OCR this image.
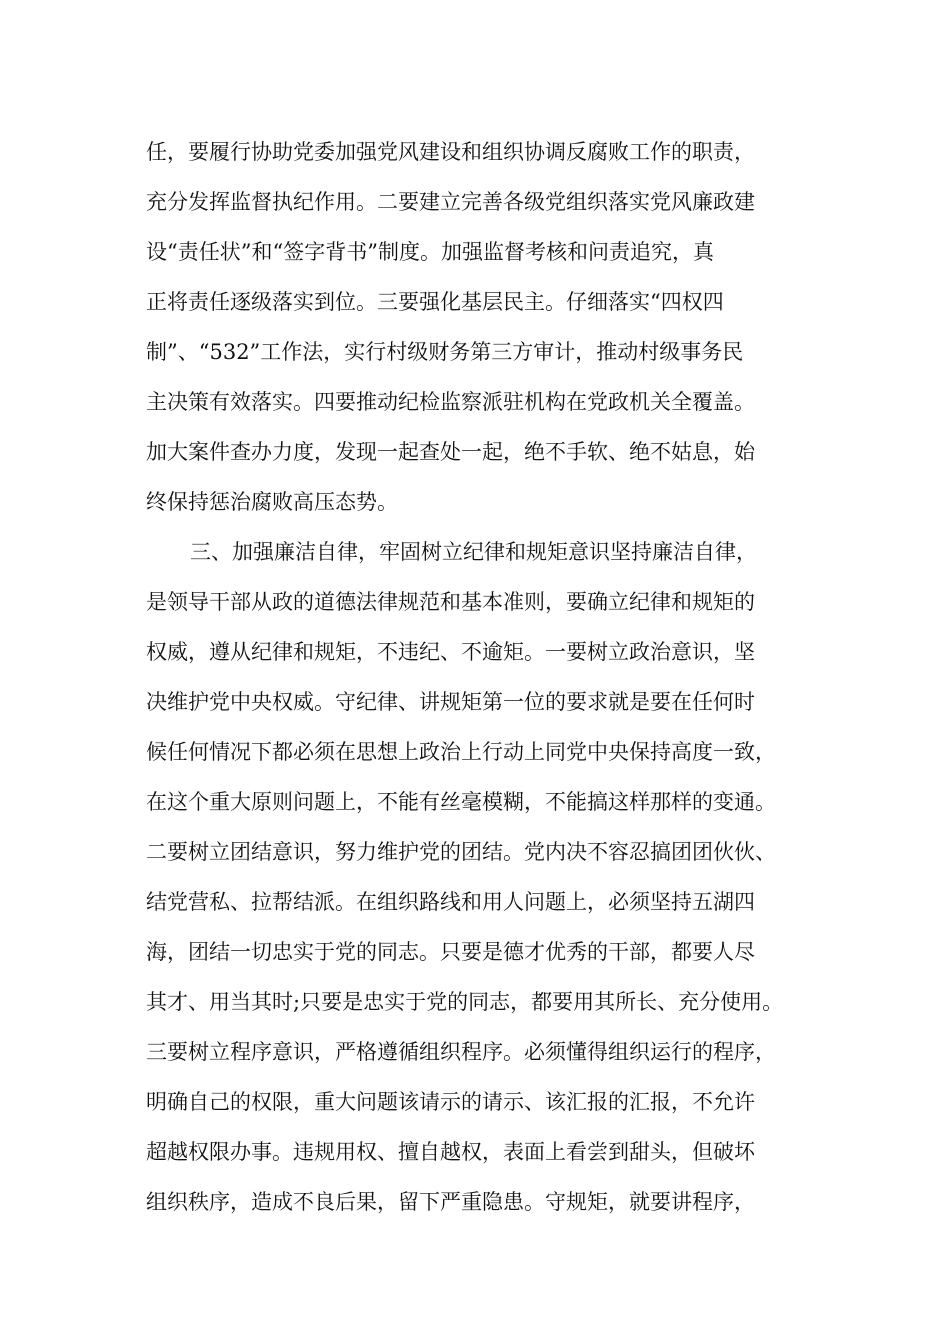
任，要履行协助党委加强党风建设和组织协调反腐败工作的职责，
充分发挥监督执纪作用。二要建立完善各级党组织落实党风廉政建
设“责任状”和“签字背书”制度。加强监督考核和问责追究，真
正将责任逐级落实到位。三要强化基层民主。仔细落实“四权四
制”、“532”工作法，实行村级财务第三方审计，推动村级事务民
主决策有效落实。四要推动纪检监察派驻机构在党政机关全覆盖。
加大案件查办力度，发现一起查处一起，绝不手软、绝不姑息，始
终保持惩治腐败高压态势。
三、加强廉洁自律，牢固树立纪律和规矩意识坚持廉洁自律，
是领导干部从政的道德法律规范和基本准则，要确立纪律和规矩的
权威，遵从纪律和规矩，不违纪、不逾矩。一要树立政治意识，坚
决维护党中央权威。守纪律、讲规矩第一位的要求就是要在任何时
候任何情况下都必须在思想上政治上行动上同党中央保持高度一致，
在这个重大原则问题上，不能有丝毫模糊，不能搞这样那样的变通。
二要树立团结意识，努力维护党的团结。党内决不容忍搞团团伙伙、
结党营私、拉帮结派。在组织路线和用人问题上，必须坚持五湖四
海，团结一切忠实于党的同志。只要是德才优秀的干部，都要人尽
其才、用当其时;只要是忠实于党的同志，都要用其所长、充分使用。
三要树立程序意识，严格遵循组织程序。必须懂得组织运行的程序，
明确自己的权限，重大问题该请示的请示、该汇报的汇报，不允许
超越权限办事。违规用权、擅自越权，表面上看尝到甜头，但破坏
组织秩序，造成不良后果，留下严重隐患。守规矩，就要讲程序，
